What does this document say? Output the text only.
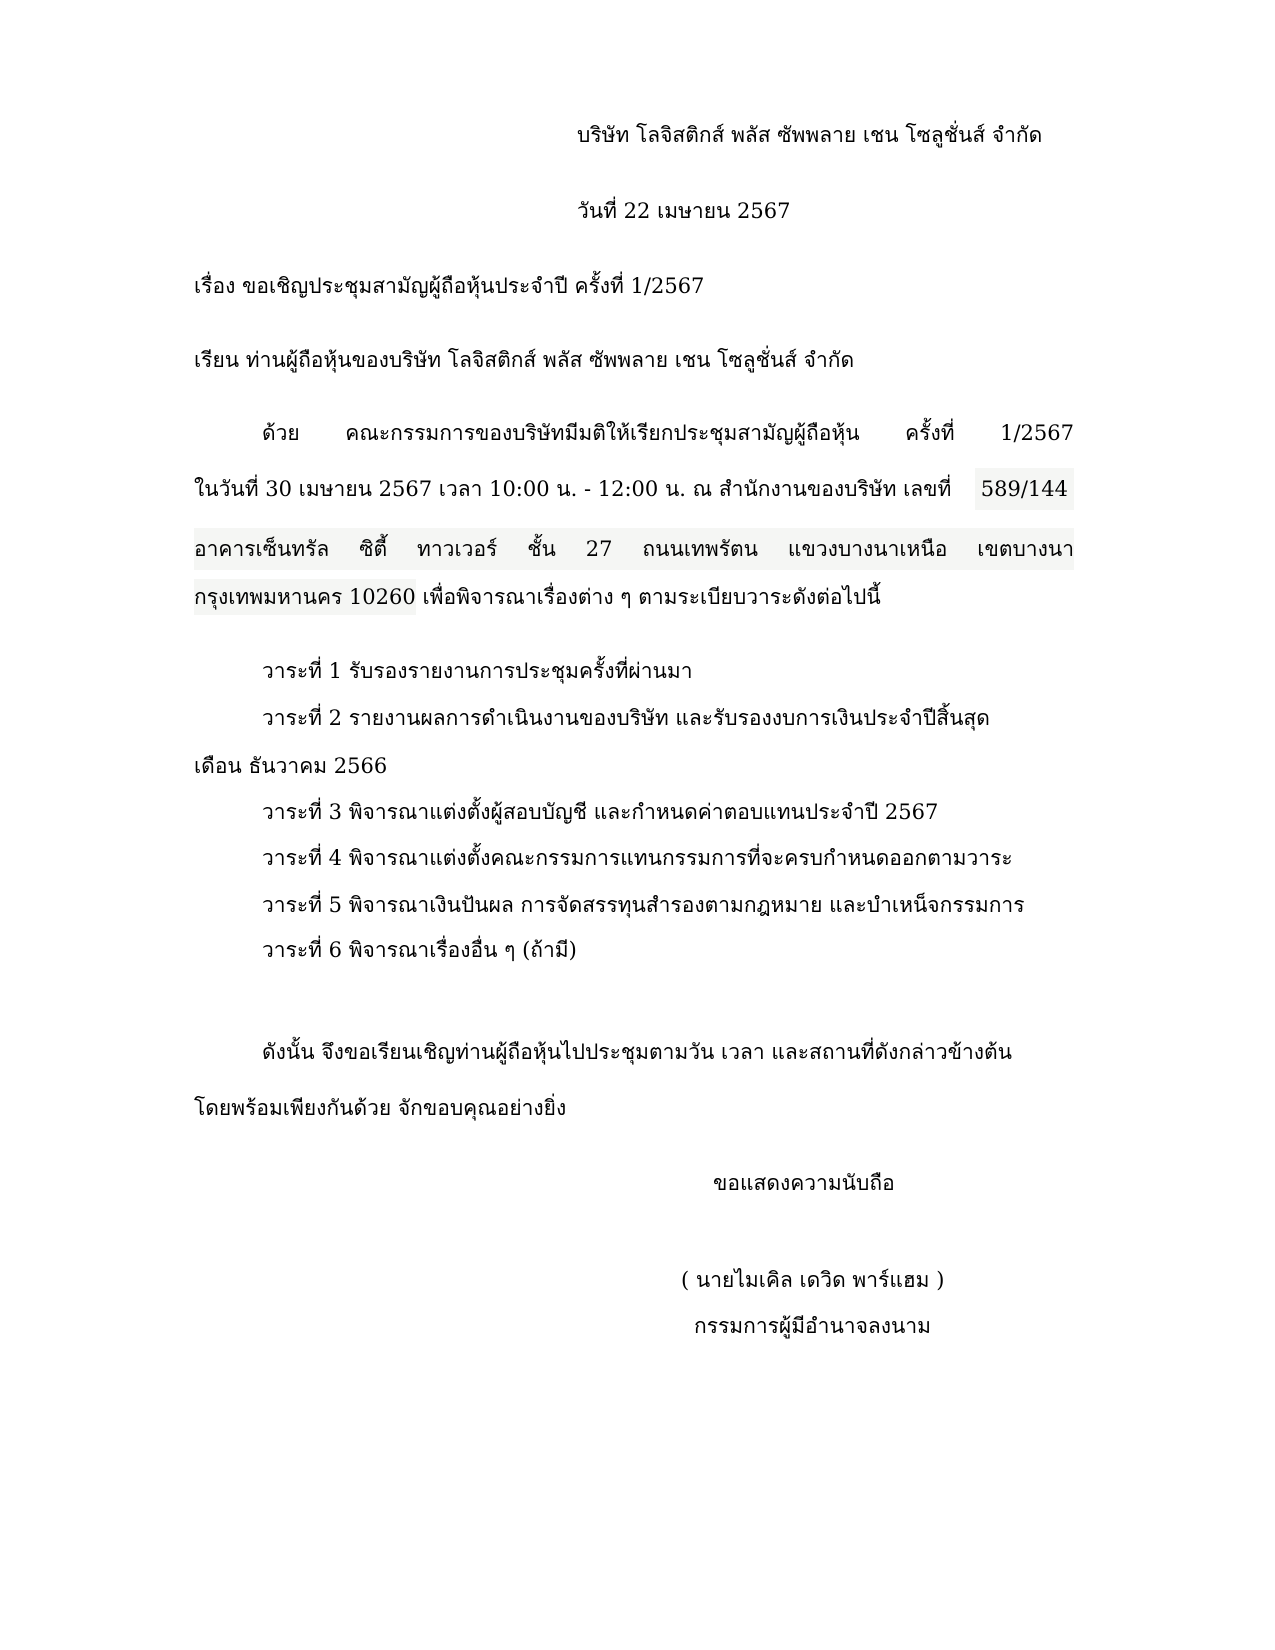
บริษัท โลจิสติกส์ พลัส ซัพพลาย เชน โซลูชั่นส์ จำกัด
วันที่ 22 เมษายน 2567
เรื่อง ขอเชิญประชุมสามัญผู้ถือหุ้นประจำปี ครั้งที่ 1/2567
เรียน ท่านผู้ถือหุ้นของบริษัท โลจิสติกส์ พลัส ซัพพลาย เชน โซลูชั่นส์ จำกัด
ด้วย คณะกรรมการของบริษัทมีมติให้เรียกประชุมสามัญผู้ถือหุ้น ครั้งที่ 1/2567
ในวันที่ 30 เมษายน 2567 เวลา 10:00 น. - 12:00 น. ณ สำนักงานของบริษัท เลขที่ 589/144
อาคารเซ็นทรัล ซิตี้ ทาวเวอร์ ชั้น 27 ถนนเทพรัตน แขวงบางนาเหนือ เขตบางนา
กรุงเทพมหานคร 10260 เพื่อพิจารณาเรื่องต่าง ๆ ตามระเบียบวาระดังต่อไปนี้
วาระที่ 1 รับรองรายงานการประชุมครั้งที่ผ่านมา
วาระที่ 2 รายงานผลการดำเนินงานของบริษัท และรับรองงบการเงินประจำปีสิ้นสุด
เดือน ธันวาคม 2566
วาระที่ 3 พิจารณาแต่งตั้งผู้สอบบัญชี และกำหนดค่าตอบแทนประจำปี 2567
วาระที่ 4 พิจารณาแต่งตั้งคณะกรรมการแทนกรรมการที่จะครบกำหนดออกตามวาระ
วาระที่ 5 พิจารณาเงินปันผล การจัดสรรทุนสำรองตามกฎหมาย และบำเหน็จกรรมการ
วาระที่ 6 พิจารณาเรื่องอื่น ๆ (ถ้ามี)
ดังนั้น จึงขอเรียนเชิญท่านผู้ถือหุ้นไปประชุมตามวัน เวลา และสถานที่ดังกล่าวข้างต้น
โดยพร้อมเพียงกันด้วย จักขอบคุณอย่างยิ่ง
ขอแสดงความนับถือ
( นายไมเคิล เดวิด พาร์แฮม )
กรรมการผู้มีอำนาจลงนาม
